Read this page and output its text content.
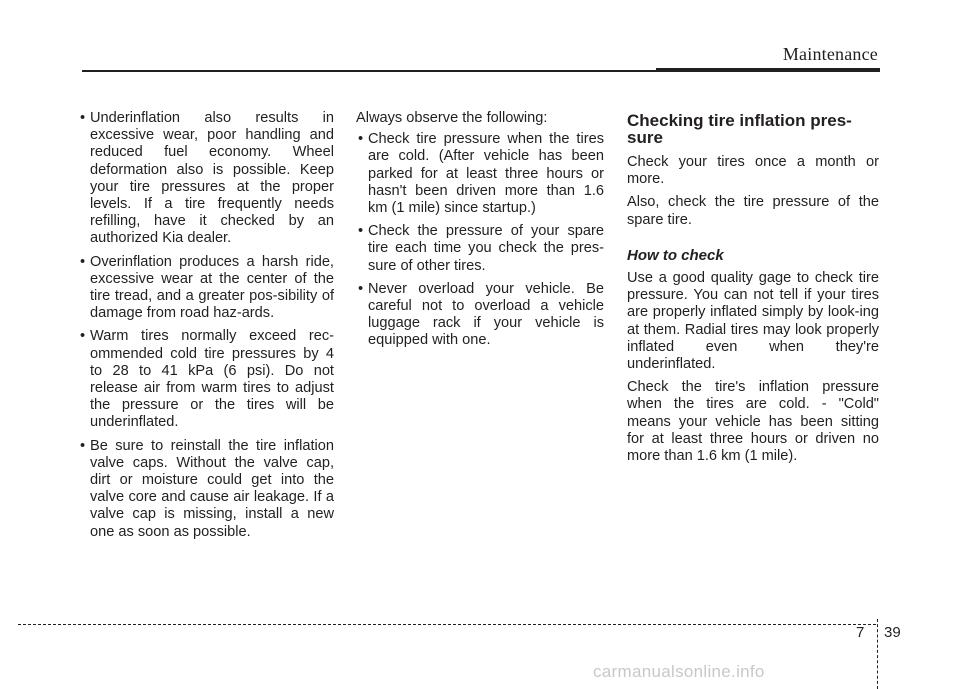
Maintenance
• Underinflation also results in excessive wear, poor handling and reduced fuel economy. Wheel deformation also is possible. Keep your tire pressures at the proper levels. If a tire frequently needs refilling, have it checked by an authorized Kia dealer.
• Overinflation produces a harsh ride, excessive wear at the center of the tire tread, and a greater pos-sibility of damage from road haz-ards.
• Warm tires normally exceed rec-ommended cold tire pressures by 4 to 28 to 41 kPa (6 psi). Do not release air from warm tires to adjust the pressure or the tires will be underinflated.
• Be sure to reinstall the tire inflation valve caps. Without the valve cap, dirt or moisture could get into the valve core and cause air leakage. If a valve cap is missing, install a new one as soon as possible.

Always observe the following:

• Check tire pressure when the tires are cold. (After vehicle has been parked for at least three hours or hasn't been driven more than 1.6 km (1 mile) since startup.)
• Check the pressure of your spare tire each time you check the pres-sure of other tires.
• Never overload your vehicle. Be careful not to overload a vehicle luggage rack if your vehicle is equipped with one.
Checking tire inflation pres-sure

Check your tires once a month or more.

Also, check the tire pressure of the spare tire.

How to check

Use a good quality gage to check tire pressure. You can not tell if your tires are properly inflated simply by look-ing at them. Radial tires may look properly inflated even when they're underinflated.

Check the tire's inflation pressure when the tires are cold. - "Cold" means your vehicle has been sitting for at least three hours or driven no more than 1.6 km (1 mile).

7 39
carmanualsonline.info
